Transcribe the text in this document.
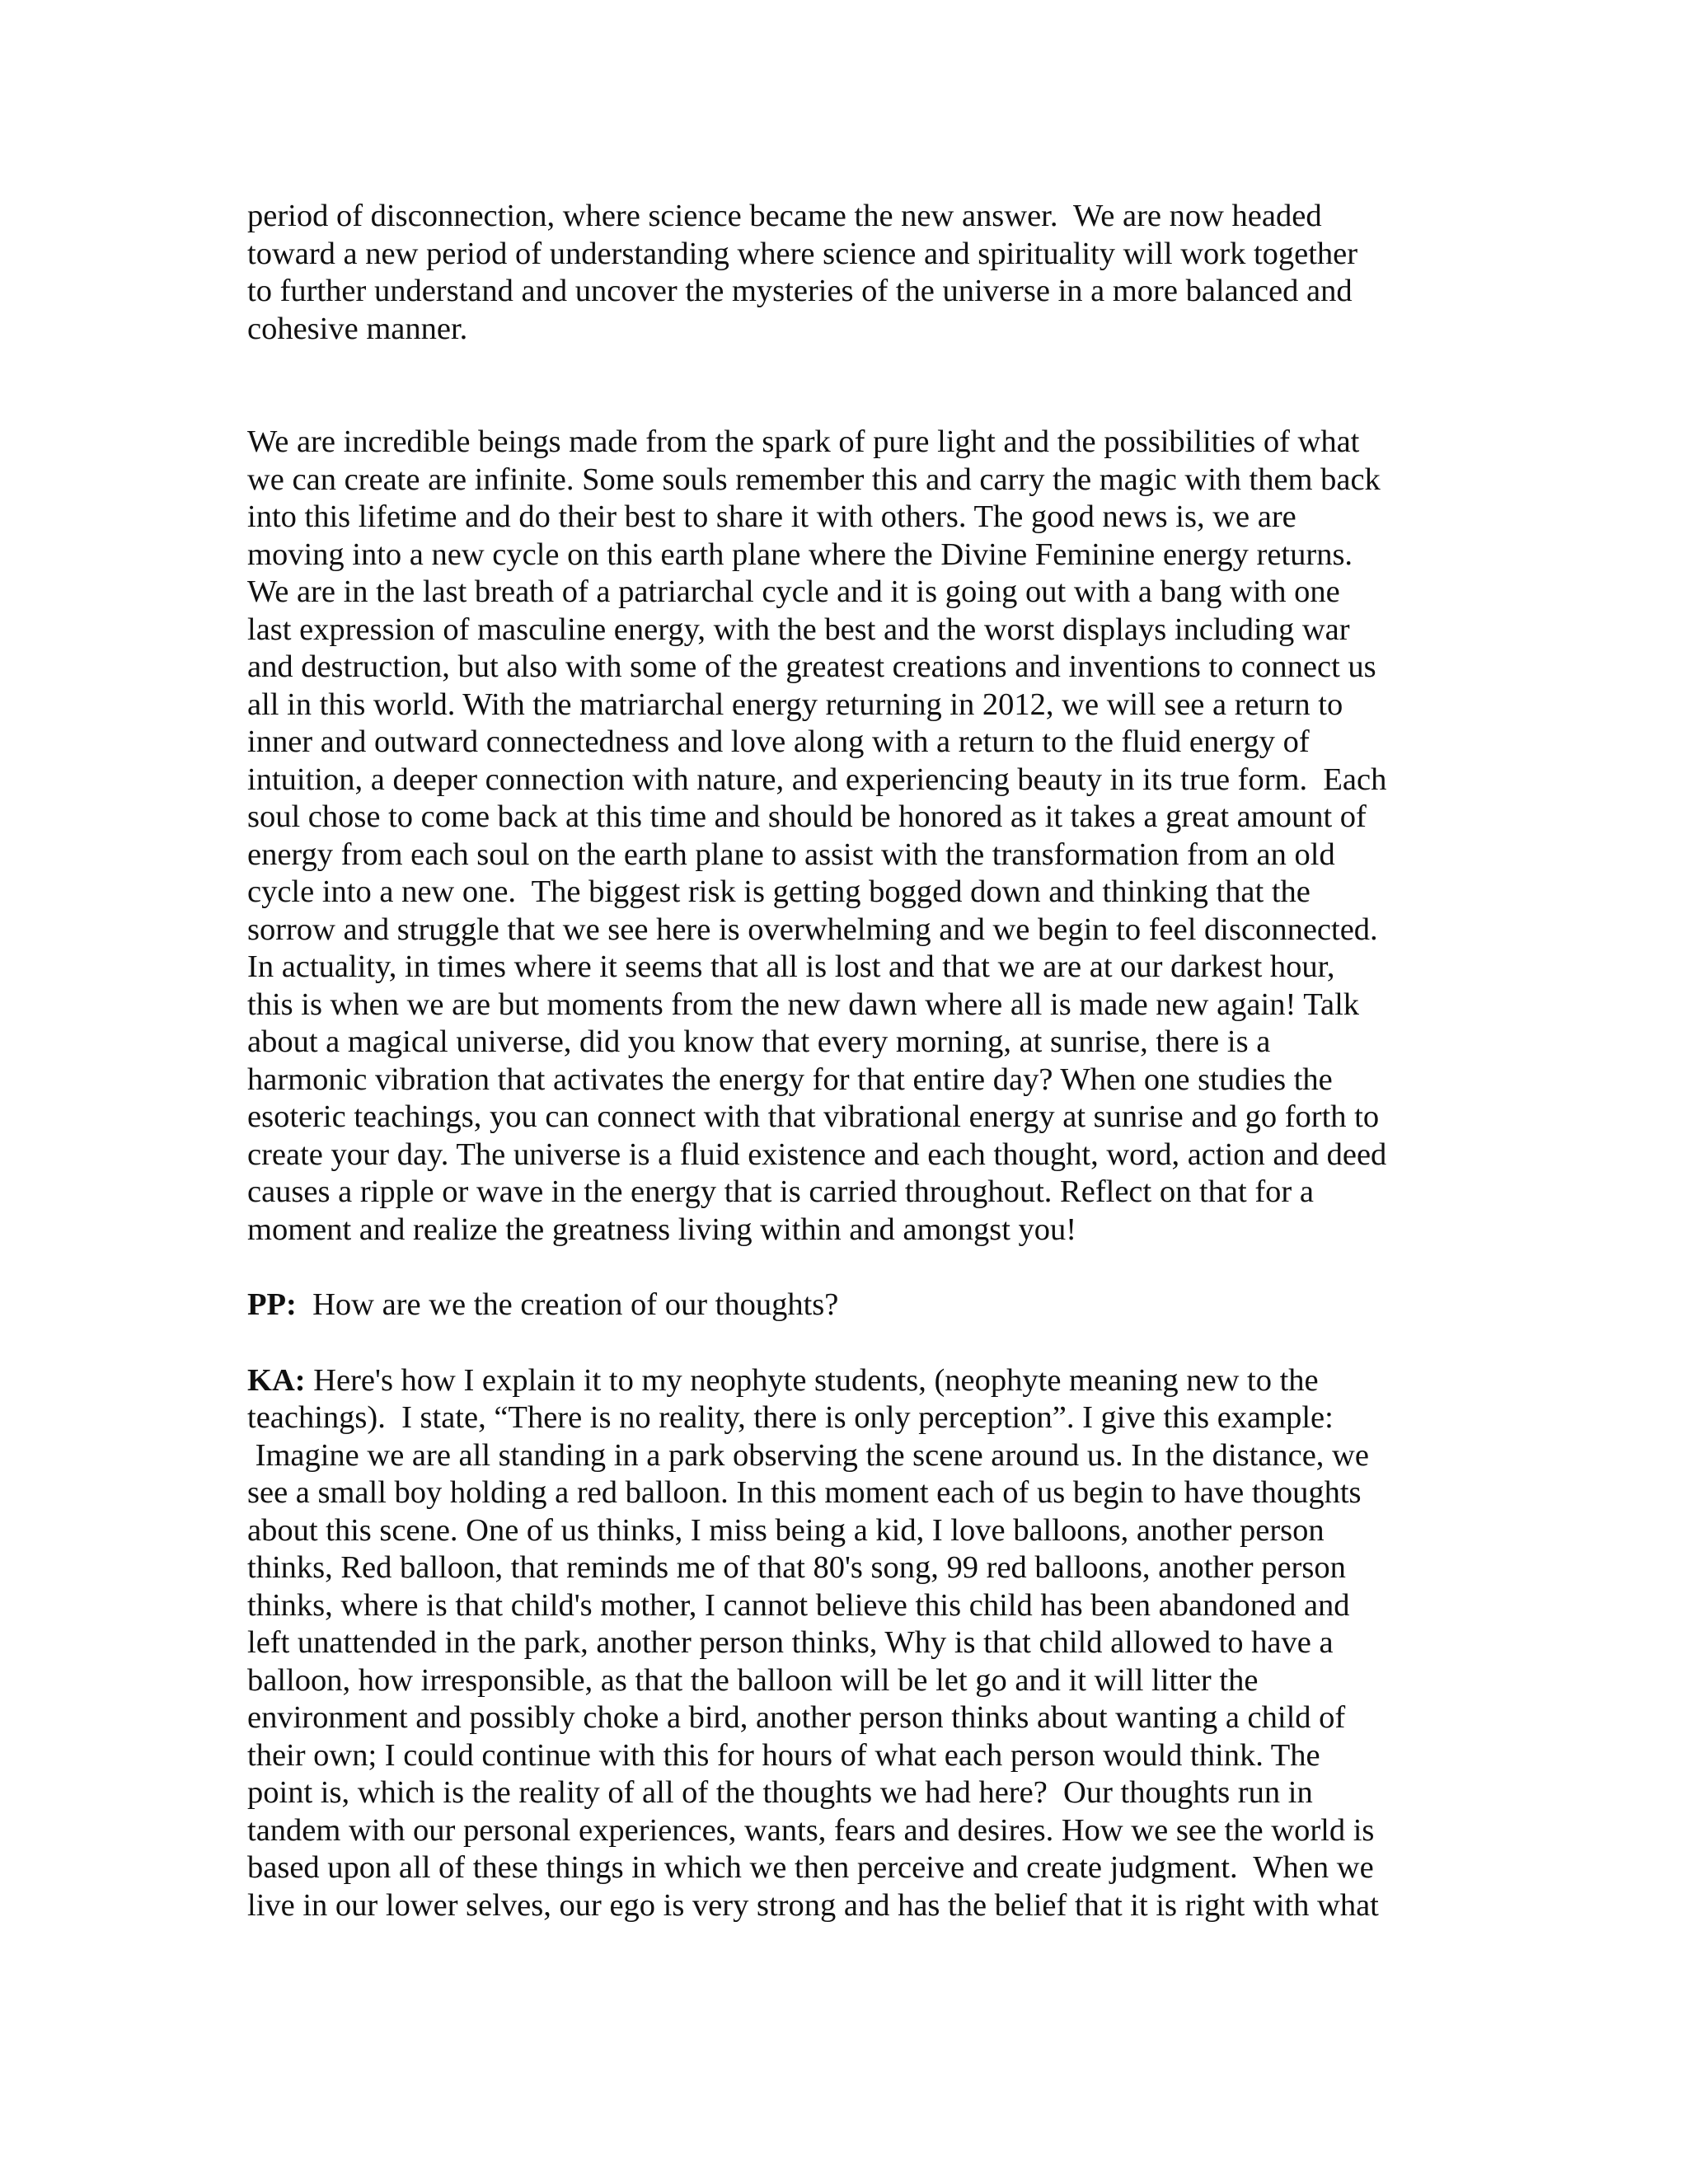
period of disconnection, where science became the new answer.  We are now headed
toward a new period of understanding where science and spirituality will work together
to further understand and uncover the mysteries of the universe in a more balanced and
cohesive manner.

We are incredible beings made from the spark of pure light and the possibilities of what
we can create are infinite. Some souls remember this and carry the magic with them back
into this lifetime and do their best to share it with others. The good news is, we are
moving into a new cycle on this earth plane where the Divine Feminine energy returns.
We are in the last breath of a patriarchal cycle and it is going out with a bang with one
last expression of masculine energy, with the best and the worst displays including war
and destruction, but also with some of the greatest creations and inventions to connect us
all in this world. With the matriarchal energy returning in 2012, we will see a return to
inner and outward connectedness and love along with a return to the fluid energy of
intuition, a deeper connection with nature, and experiencing beauty in its true form.  Each
soul chose to come back at this time and should be honored as it takes a great amount of
energy from each soul on the earth plane to assist with the transformation from an old
cycle into a new one.  The biggest risk is getting bogged down and thinking that the
sorrow and struggle that we see here is overwhelming and we begin to feel disconnected.
In actuality, in times where it seems that all is lost and that we are at our darkest hour,
this is when we are but moments from the new dawn where all is made new again! Talk
about a magical universe, did you know that every morning, at sunrise, there is a
harmonic vibration that activates the energy for that entire day? When one studies the
esoteric teachings, you can connect with that vibrational energy at sunrise and go forth to
create your day. The universe is a fluid existence and each thought, word, action and deed
causes a ripple or wave in the energy that is carried throughout. Reflect on that for a
moment and realize the greatness living within and amongst you!

PP:  How are we the creation of our thoughts?

KA: Here's how I explain it to my neophyte students, (neophyte meaning new to the
teachings).  I state, “There is no reality, there is only perception”. I give this example:
Imagine we are all standing in a park observing the scene around us. In the distance, we
see a small boy holding a red balloon. In this moment each of us begin to have thoughts
about this scene. One of us thinks, I miss being a kid, I love balloons, another person
thinks, Red balloon, that reminds me of that 80's song, 99 red balloons, another person
thinks, where is that child's mother, I cannot believe this child has been abandoned and
left unattended in the park, another person thinks, Why is that child allowed to have a
balloon, how irresponsible, as that the balloon will be let go and it will litter the
environment and possibly choke a bird, another person thinks about wanting a child of
their own; I could continue with this for hours of what each person would think. The
point is, which is the reality of all of the thoughts we had here?  Our thoughts run in
tandem with our personal experiences, wants, fears and desires. How we see the world is
based upon all of these things in which we then perceive and create judgment.  When we
live in our lower selves, our ego is very strong and has the belief that it is right with what
